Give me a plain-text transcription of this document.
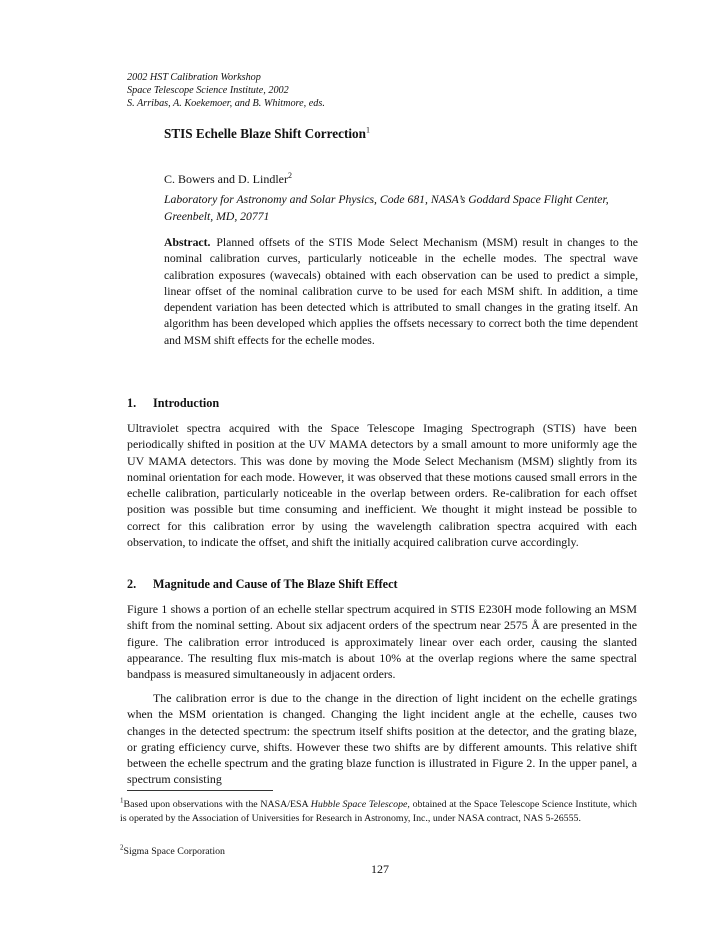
2002 HST Calibration Workshop
Space Telescope Science Institute, 2002
S. Arribas, A. Koekemoer, and B. Whitmore, eds.
STIS Echelle Blaze Shift Correction$^1$
C. Bowers and D. Lindler$^2$
Laboratory for Astronomy and Solar Physics, Code 681, NASA’s Goddard Space Flight Center, Greenbelt, MD, 20771
Abstract. Planned offsets of the STIS Mode Select Mechanism (MSM) result in changes to the nominal calibration curves, particularly noticeable in the echelle modes. The spectral wave calibration exposures (wavecals) obtained with each observation can be used to predict a simple, linear offset of the nominal calibration curve to be used for each MSM shift. In addition, a time dependent variation has been detected which is attributed to small changes in the grating itself. An algorithm has been developed which applies the offsets necessary to correct both the time dependent and MSM shift effects for the echelle modes.
1. Introduction
Ultraviolet spectra acquired with the Space Telescope Imaging Spectrograph (STIS) have been periodically shifted in position at the UV MAMA detectors by a small amount to more uniformly age the UV MAMA detectors. This was done by moving the Mode Select Mechanism (MSM) slightly from its nominal orientation for each mode. However, it was observed that these motions caused small errors in the echelle calibration, particularly noticeable in the overlap between orders. Re-calibration for each offset position was possible but time consuming and inefficient. We thought it might instead be possible to correct for this calibration error by using the wavelength calibration spectra acquired with each observation, to indicate the offset, and shift the initially acquired calibration curve accordingly.
2. Magnitude and Cause of The Blaze Shift Effect
Figure 1 shows a portion of an echelle stellar spectrum acquired in STIS E230H mode following an MSM shift from the nominal setting. About six adjacent orders of the spectrum near 2575 Å are presented in the figure. The calibration error introduced is approximately linear over each order, causing the slanted appearance. The resulting flux mis-match is about 10% at the overlap regions where the same spectral bandpass is measured simultaneously in adjacent orders.
The calibration error is due to the change in the direction of light incident on the echelle gratings when the MSM orientation is changed. Changing the light incident angle at the echelle, causes two changes in the detected spectrum: the spectrum itself shifts position at the detector, and the grating blaze, or grating efficiency curve, shifts. However these two shifts are by different amounts. This relative shift between the echelle spectrum and the grating blaze function is illustrated in Figure 2. In the upper panel, a spectrum consisting
$^1$Based upon observations with the NASA/ESA Hubble Space Telescope, obtained at the Space Telescope Science Institute, which is operated by the Association of Universities for Research in Astronomy, Inc., under NASA contract, NAS 5-26555.
$^2$Sigma Space Corporation
127
